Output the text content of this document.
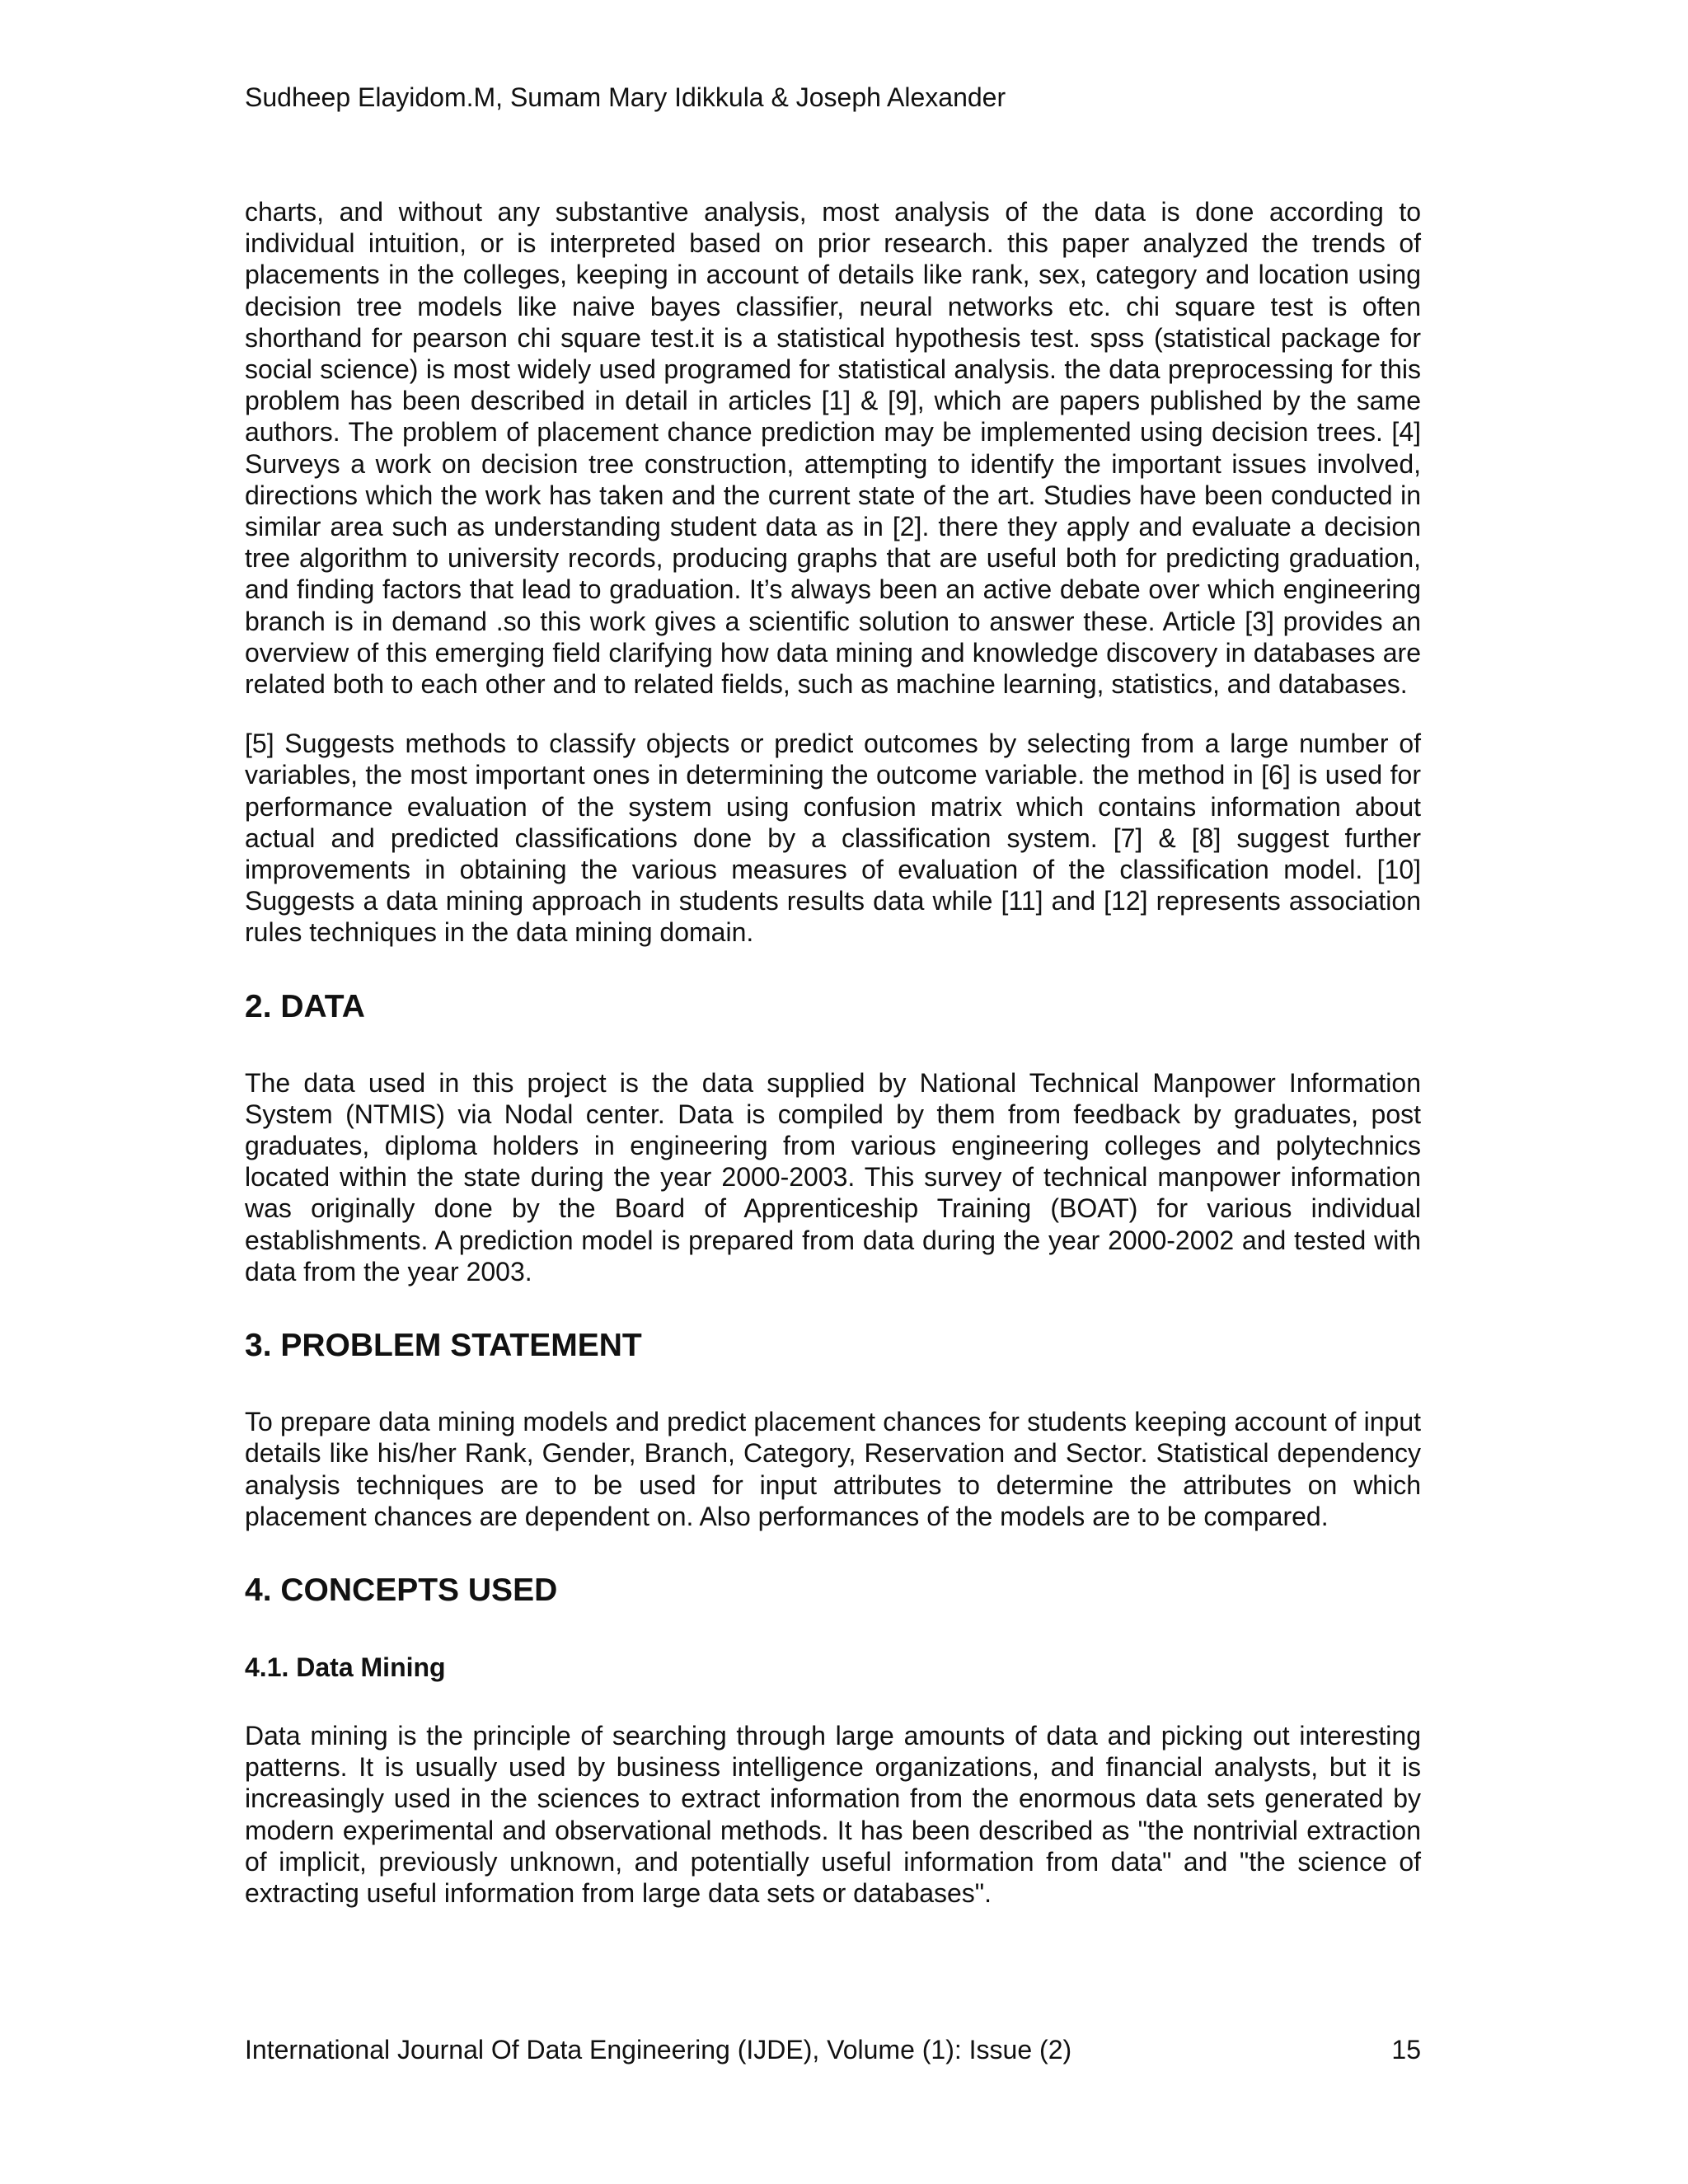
Sudheep Elayidom.M, Sumam Mary Idikkula & Joseph Alexander

charts, and without any substantive analysis, most analysis of the data is done according to individual intuition, or is interpreted based on prior research. this paper analyzed the trends of placements in the colleges, keeping in account of details like rank, sex, category and location using decision tree models like naive bayes classifier, neural networks etc. chi square test is often shorthand for pearson chi square test.it is a statistical hypothesis test. spss (statistical package for social science) is most widely used programed for statistical analysis. the data preprocessing for this problem has been described in detail in articles [1] & [9], which are papers published by the same authors. The problem of placement chance prediction may be implemented using decision trees. [4] Surveys a work on decision tree construction, attempting to identify the important issues involved, directions which the work has taken and the current state of the art. Studies have been conducted in similar area such as understanding student data as in [2]. there they apply and evaluate a decision tree algorithm to university records, producing graphs that are useful both for predicting graduation, and finding factors that lead to graduation. It’s always been an active debate over which engineering branch is in demand .so this work gives a scientific solution to answer these. Article [3] provides an overview of this emerging field clarifying how data mining and knowledge discovery in databases are related both to each other and to related fields, such as machine learning, statistics, and databases.

[5] Suggests methods to classify objects or predict outcomes by selecting from a large number of variables, the most important ones in determining the outcome variable. the method in [6] is used for performance evaluation of the system using confusion matrix which contains information about actual and predicted classifications done by a classification system. [7] & [8] suggest further improvements in obtaining the various measures of evaluation of the classification model. [10] Suggests a data mining approach in students results data while [11] and [12] represents association rules techniques in the data mining domain.

2. DATA

The data used in this project is the data supplied by National Technical Manpower Information System (NTMIS) via Nodal center. Data is compiled by them from feedback by graduates, post graduates, diploma holders in engineering from various engineering colleges and polytechnics located within the state during the year 2000-2003. This survey of technical manpower information was originally done by the Board of Apprenticeship Training (BOAT) for various individual establishments. A prediction model is prepared from data during the year 2000-2002 and tested with data from the year 2003.

3. PROBLEM STATEMENT

To prepare data mining models and predict placement chances for students keeping account of input details like his/her Rank, Gender, Branch, Category, Reservation and Sector. Statistical dependency analysis techniques are to be used for input attributes to determine the attributes on which placement chances are dependent on. Also performances of the models are to be compared.

4. CONCEPTS USED
4.1. Data Mining

Data mining is the principle of searching through large amounts of data and picking out interesting patterns. It is usually used by business intelligence organizations, and financial analysts, but it is increasingly used in the sciences to extract information from the enormous data sets generated by modern experimental and observational methods. It has been described as "the nontrivial extraction of implicit, previously unknown, and potentially useful information from data" and "the science of extracting useful information from large data sets or databases".

International Journal Of Data Engineering (IJDE), Volume (1): Issue (2)	15
